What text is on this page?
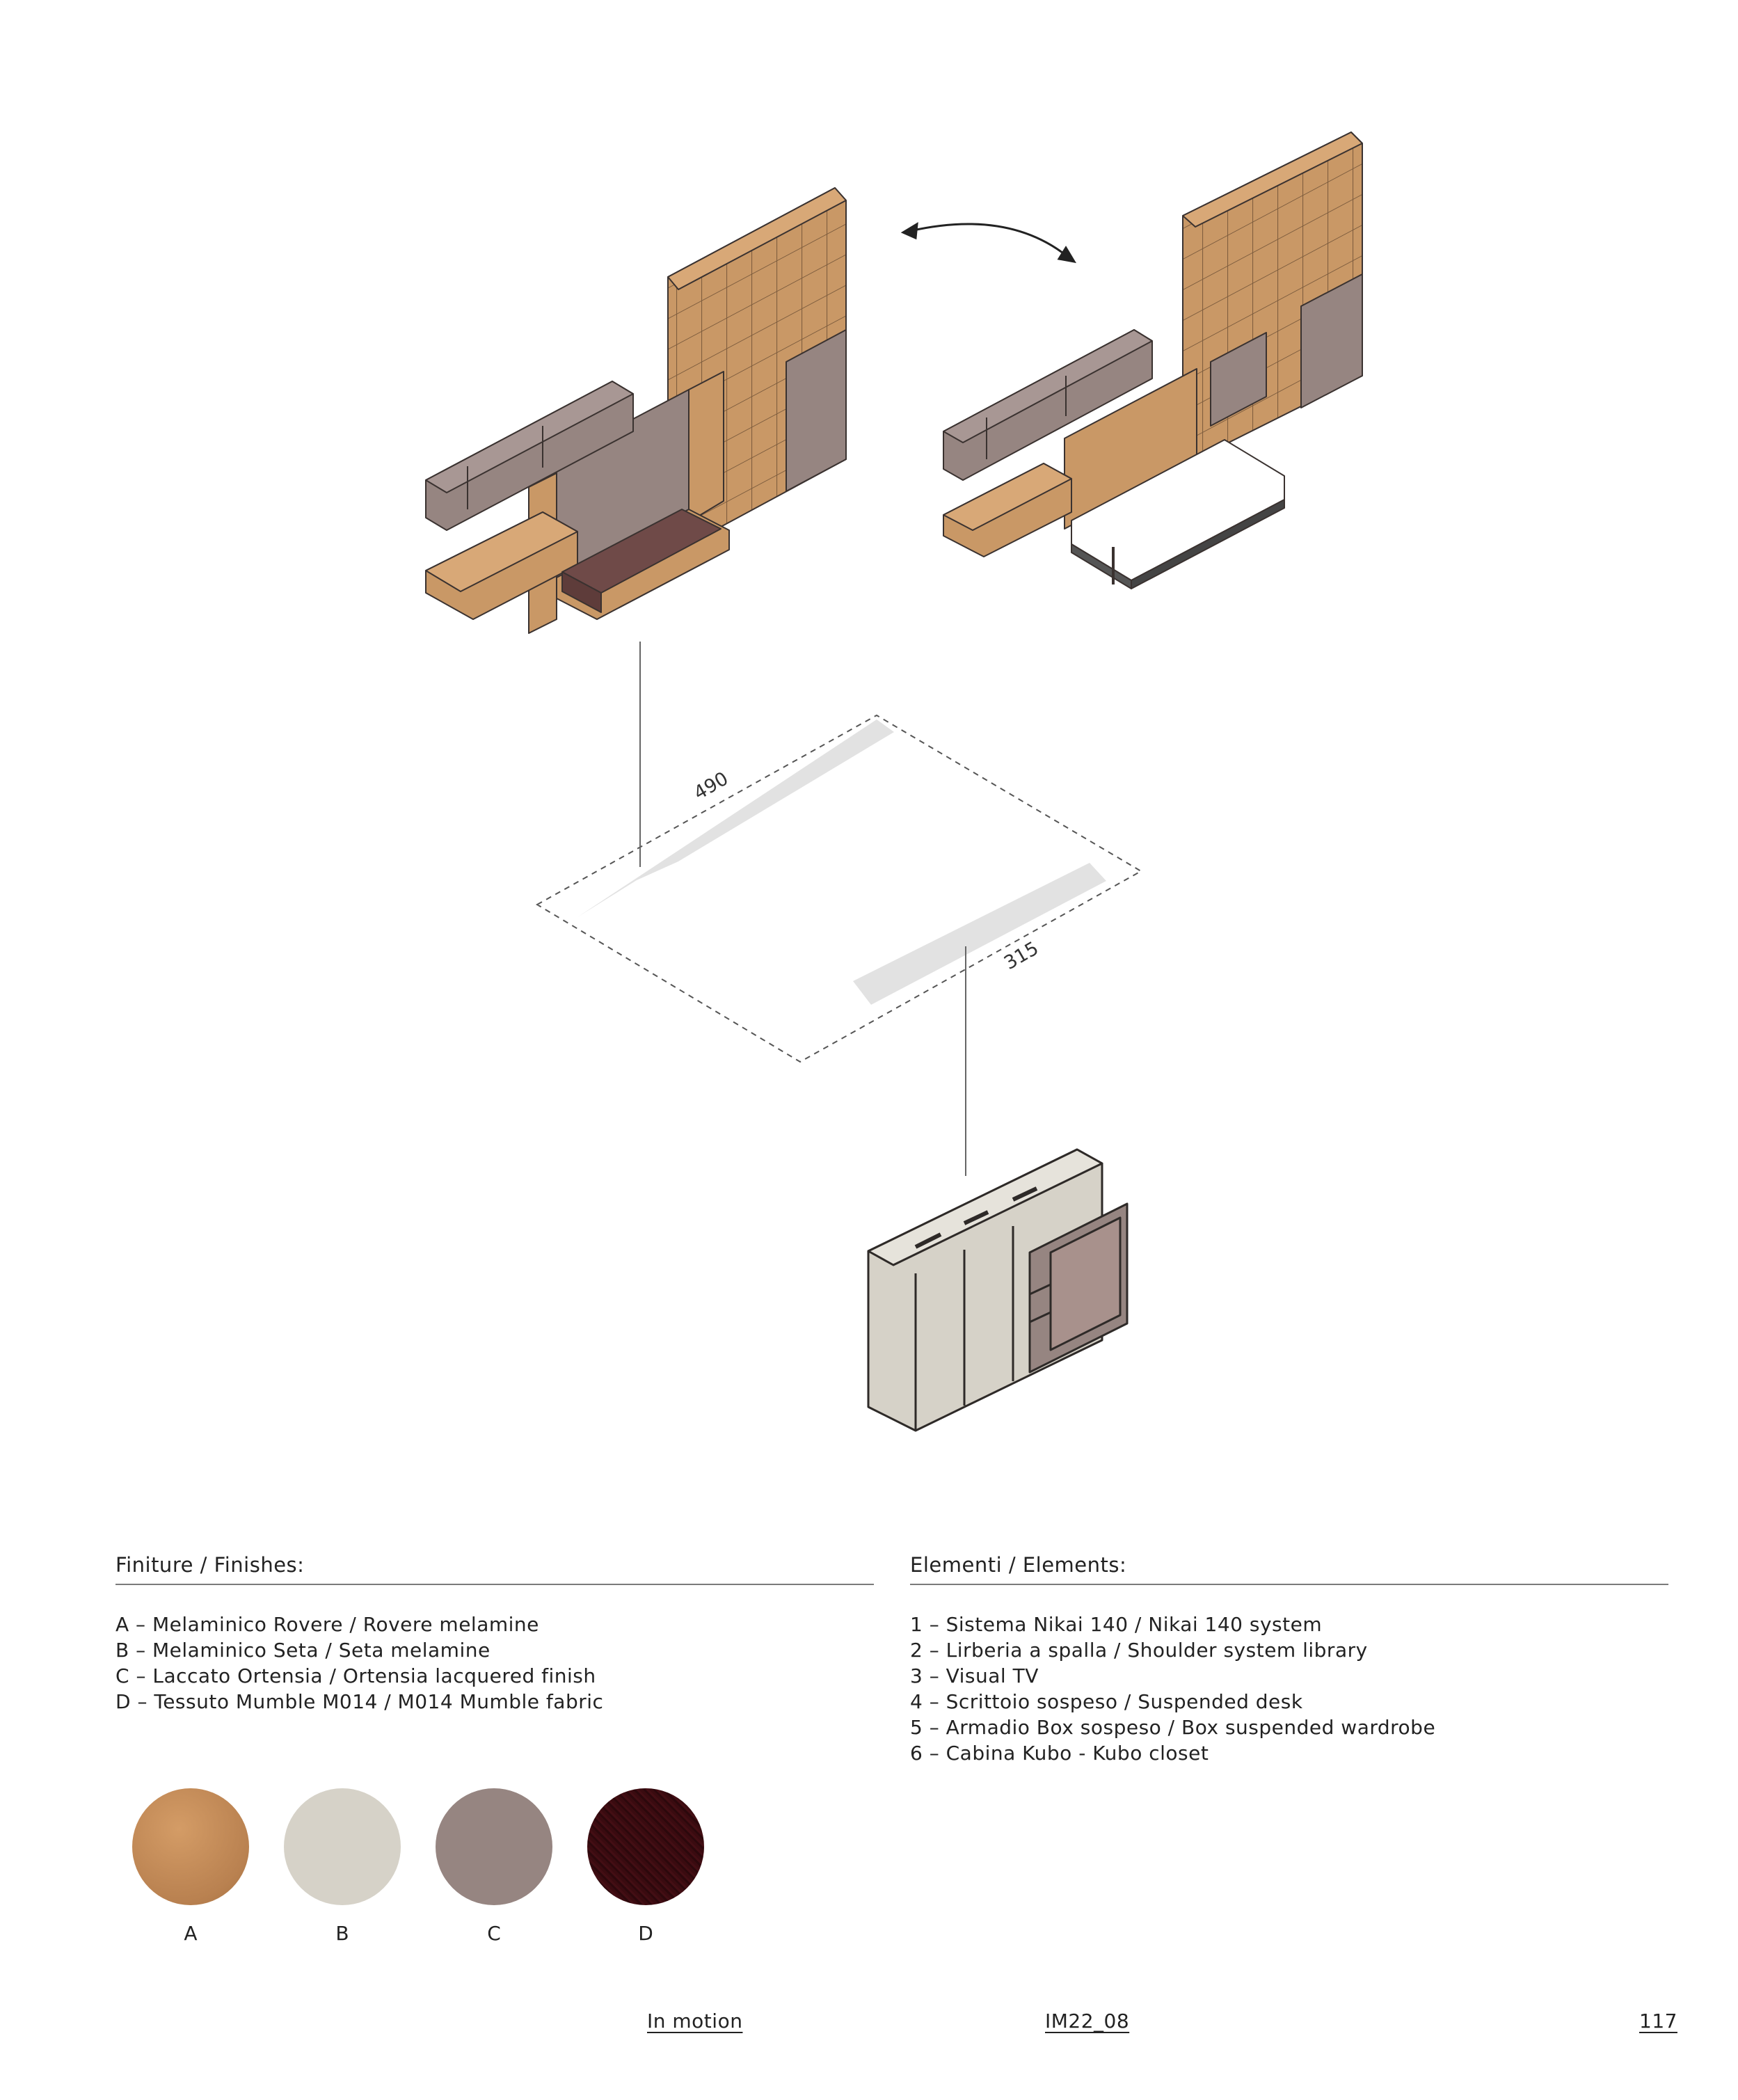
490
315
Finiture / Finishes:
A – Melaminico Rovere / Rovere melamine
B – Melaminico Seta / Seta melamine
C – Laccato Ortensia / Ortensia lacquered finish
D – Tessuto Mumble M014 / M014 Mumble fabric
A	B	C	D
Elementi / Elements:
1 – Sistema Nikai 140 / Nikai 140 system
2 – Lirberia a spalla / Shoulder system library
3 – Visual TV
4 – Scrittoio sospeso / Suspended desk
5 – Armadio Box sospeso / Box suspended wardrobe
6 – Cabina Kubo - Kubo closet
In motion	IM22_08	117
